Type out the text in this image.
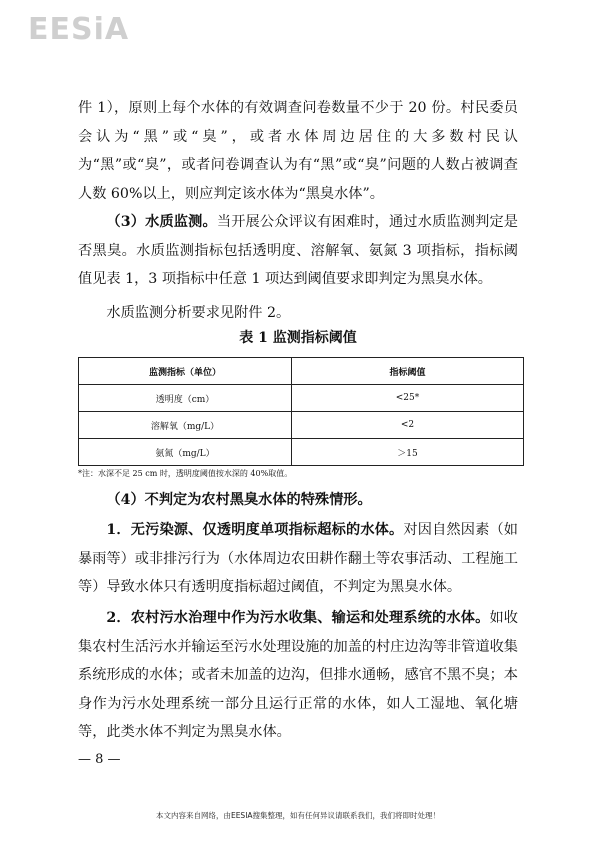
EESiA

件 1），原则上每个水体的有效调查问卷数量不少于 20 份。村民委员会认为“黑”或“臭”，或者水体周边居住的大多数村民认为“黑”或“臭”，或者问卷调查认为有“黑”或“臭”问题的人数占被调查人数 60%以上，则应判定该水体为“黑臭水体”。

（3）水质监测。当开展公众评议有困难时，通过水质监测判定是否黑臭。水质监测指标包括透明度、溶解氧、氨氮 3 项指标，指标阈值见表 1，3 项指标中任意 1 项达到阈值要求即判定为黑臭水体。

水质监测分析要求见附件 2。

表 1 监测指标阈值
监测指标（单位）	指标阈值
透明度（cm）	<25*
溶解氧（mg/L）	<2
氨氮（mg/L）	＞15
*注：水深不足 25 cm 时，透明度阈值按水深的 40%取值。

（4）不判定为农村黑臭水体的特殊情形。

1．无污染源、仅透明度单项指标超标的水体。对因自然因素（如暴雨等）或非排污行为（水体周边农田耕作翻土等农事活动、工程施工等）导致水体只有透明度指标超过阈值，不判定为黑臭水体。

2．农村污水治理中作为污水收集、输运和处理系统的水体。如收集农村生活污水并输运至污水处理设施的加盖的村庄边沟等非管道收集系统形成的水体；或者未加盖的边沟，但排水通畅，感官不黑不臭；本身作为污水处理系统一部分且运行正常的水体，如人工湿地、氧化塘等，此类水体不判定为黑臭水体。

— 8 —
本文内容来自网络，由EESIA搜集整理，如有任何异议请联系我们，我们将即时处理！
